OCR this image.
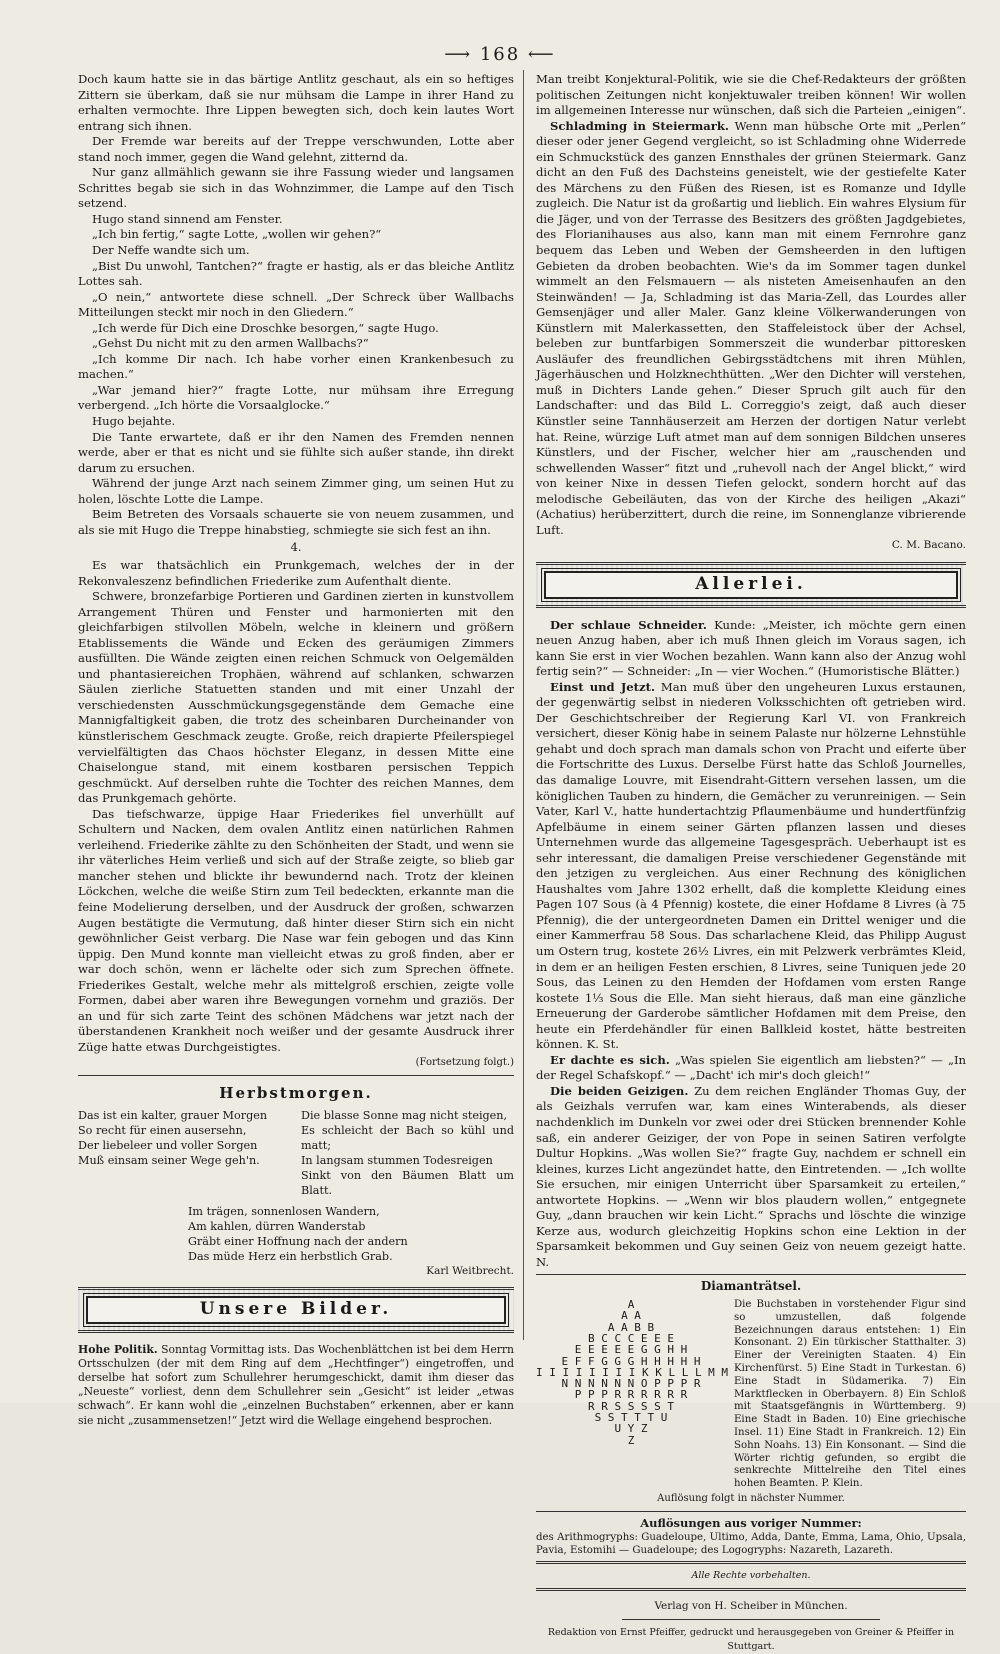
⟶ 168 ⟵

Doch kaum hatte sie in das bärtige Antlitz geschaut, als ein so heftiges Zittern sie überkam, daß sie nur mühsam die Lampe in ihrer Hand zu erhalten vermochte. Ihre Lippen bewegten sich, doch kein lautes Wort entrang sich ihnen.

Der Fremde war bereits auf der Treppe verschwunden, Lotte aber stand noch immer, gegen die Wand gelehnt, zitternd da.

Nur ganz allmählich gewann sie ihre Fassung wieder und langsamen Schrittes begab sie sich in das Wohnzimmer, die Lampe auf den Tisch setzend.

Hugo stand sinnend am Fenster.

„Ich bin fertig,“ sagte Lotte, „wollen wir gehen?“

Der Neffe wandte sich um.

„Bist Du unwohl, Tantchen?“ fragte er hastig, als er das bleiche Antlitz Lottes sah.

„O nein,“ antwortete diese schnell. „Der Schreck über Wallbachs Mitteilungen steckt mir noch in den Gliedern.“

„Ich werde für Dich eine Droschke besorgen,“ sagte Hugo.

„Gehst Du nicht mit zu den armen Wallbachs?“

„Ich komme Dir nach. Ich habe vorher einen Krankenbesuch zu machen.“

„War jemand hier?“ fragte Lotte, nur mühsam ihre Erregung verbergend. „Ich hörte die Vorsaalglocke.“

Hugo bejahte.

Die Tante erwartete, daß er ihr den Namen des Fremden nennen werde, aber er that es nicht und sie fühlte sich außer stande, ihn direkt darum zu ersuchen.

Während der junge Arzt nach seinem Zimmer ging, um seinen Hut zu holen, löschte Lotte die Lampe.

Beim Betreten des Vorsaals schauerte sie von neuem zusammen, und als sie mit Hugo die Treppe hinabstieg, schmiegte sie sich fest an ihn.

4.

Es war thatsächlich ein Prunkgemach, welches der in der Rekonvaleszenz befindlichen Friederike zum Aufenthalt diente.

Schwere, bronzefarbige Portieren und Gardinen zierten in kunstvollem Arrangement Thüren und Fenster und harmonierten mit den gleichfarbigen stilvollen Möbeln, welche in kleinern und größern Etablissements die Wände und Ecken des geräumigen Zimmers ausfüllten. Die Wände zeigten einen reichen Schmuck von Oelgemälden und phantasiereichen Trophäen, während auf schlanken, schwarzen Säulen zierliche Statuetten standen und mit einer Unzahl der verschiedensten Ausschmückungsgegenstände dem Gemache eine Mannigfaltigkeit gaben, die trotz des scheinbaren Durcheinander von künstlerischem Geschmack zeugte. Große, reich drapierte Pfeilerspiegel vervielfältigten das Chaos höchster Eleganz, in dessen Mitte eine Chaiselongue stand, mit einem kostbaren persischen Teppich geschmückt. Auf derselben ruhte die Tochter des reichen Mannes, dem das Prunkgemach gehörte.

Das tiefschwarze, üppige Haar Friederikes fiel unverhüllt auf Schultern und Nacken, dem ovalen Antlitz einen natürlichen Rahmen verleihend. Friederike zählte zu den Schönheiten der Stadt, und wenn sie ihr väterliches Heim verließ und sich auf der Straße zeigte, so blieb gar mancher stehen und blickte ihr bewundernd nach. Trotz der kleinen Löckchen, welche die weiße Stirn zum Teil bedeckten, erkannte man die feine Modelierung derselben, und der Ausdruck der großen, schwarzen Augen bestätigte die Vermutung, daß hinter dieser Stirn sich ein nicht gewöhnlicher Geist verbarg. Die Nase war fein gebogen und das Kinn üppig. Den Mund konnte man vielleicht etwas zu groß finden, aber er war doch schön, wenn er lächelte oder sich zum Sprechen öffnete. Friederikes Gestalt, welche mehr als mittelgroß erschien, zeigte volle Formen, dabei aber waren ihre Bewegungen vornehm und graziös. Der an und für sich zarte Teint des schönen Mädchens war jetzt nach der überstandenen Krankheit noch weißer und der gesamte Ausdruck ihrer Züge hatte etwas Durchgeistigtes.

(Fortsetzung folgt.)

Herbstmorgen.
Das ist ein kalter, grauer Morgen
So recht für einen ausersehn,
Der liebeleer und voller Sorgen
Muß einsam seiner Wege geh'n.
Die blasse Sonne mag nicht steigen,
Es schleicht der Bach so kühl und matt;
In langsam stummen Todesreigen
Sinkt von den Bäumen Blatt um Blatt.
Im trägen, sonnenlosen Wandern,
Am kahlen, dürren Wanderstab
Gräbt einer Hoffnung nach der andern
Das müde Herz ein herbstlich Grab.
Karl Weitbrecht.
Unsere Bilder.

Hohe Politik. Sonntag Vormittag ists. Das Wochenblättchen ist bei dem Herrn Ortsschulzen (der mit dem Ring auf dem „Hechtfinger“) eingetroffen, und derselbe hat sofort zum Schullehrer herumgeschickt, damit ihm dieser das „Neueste“ vorliest, denn dem Schullehrer sein „Gesicht“ ist leider „etwas schwach“. Er kann wohl die „einzelnen Buchstaben“ erkennen, aber er kann sie nicht „zusammensetzen!“ Jetzt wird die Wellage eingehend besprochen.

Man treibt Konjektural-Politik, wie sie die Chef-Redakteurs der größten politischen Zeitungen nicht konjektuwaler treiben können! Wir wollen im allgemeinen Interesse nur wünschen, daß sich die Parteien „einigen“.

Schladming in Steiermark. Wenn man hübsche Orte mit „Perlen“ dieser oder jener Gegend vergleicht, so ist Schladming ohne Widerrede ein Schmuckstück des ganzen Ennsthales der grünen Steiermark. Ganz dicht an den Fuß des Dachsteins geneistelt, wie der gestiefelte Kater des Märchens zu den Füßen des Riesen, ist es Romanze und Idylle zugleich. Die Natur ist da großartig und lieblich. Ein wahres Elysium für die Jäger, und von der Terrasse des Besitzers des größten Jagdgebietes, des Florianihauses aus also, kann man mit einem Fernrohre ganz bequem das Leben und Weben der Gemsheerden in den luftigen Gebieten da droben beobachten. Wie's da im Sommer tagen dunkel wimmelt an den Felsmauern — als nisteten Ameisenhaufen an den Steinwänden! — Ja, Schladming ist das Maria-Zell, das Lourdes aller Gemsenjäger und aller Maler. Ganz kleine Völkerwanderungen von Künstlern mit Malerkassetten, den Staffeleistock über der Achsel, beleben zur buntfarbigen Sommerszeit die wunderbar pittoresken Ausläufer des freundlichen Gebirgsstädtchens mit ihren Mühlen, Jägerhäuschen und Holzknechthütten. „Wer den Dichter will verstehen, muß in Dichters Lande gehen.“ Dieser Spruch gilt auch für den Landschafter: und das Bild L. Correggio's zeigt, daß auch dieser Künstler seine Tannhäuserzeit am Herzen der dortigen Natur verlebt hat. Reine, würzige Luft atmet man auf dem sonnigen Bildchen unseres Künstlers, und der Fischer, welcher hier am „rauschenden und schwellenden Wasser“ fitzt und „ruhevoll nach der Angel blickt,“ wird von keiner Nixe in dessen Tiefen gelockt, sondern horcht auf das melodische Gebeiläuten, das von der Kirche des heiligen „Akazi“ (Achatius) herüberzittert, durch die reine, im Sonnenglanze vibrierende Luft.

C. M. Bacano.
Allerlei.

Der schlaue Schneider. Kunde: „Meister, ich möchte gern einen neuen Anzug haben, aber ich muß Ihnen gleich im Voraus sagen, ich kann Sie erst in vier Wochen bezahlen. Wann kann also der Anzug wohl fertig sein?“ — Schneider: „In — vier Wochen.“ (Humoristische Blätter.)

Einst und Jetzt. Man muß über den ungeheuren Luxus erstaunen, der gegenwärtig selbst in niederen Volksschichten oft getrieben wird. Der Geschichtschreiber der Regierung Karl VI. von Frankreich versichert, dieser König habe in seinem Palaste nur hölzerne Lehnstühle gehabt und doch sprach man damals schon von Pracht und eiferte über die Fortschritte des Luxus. Derselbe Fürst hatte das Schloß Journelles, das damalige Louvre, mit Eisendraht-Gittern versehen lassen, um die königlichen Tauben zu hindern, die Gemächer zu verunreinigen. — Sein Vater, Karl V., hatte hundertachtzig Pflaumenbäume und hundertfünfzig Apfelbäume in einem seiner Gärten pflanzen lassen und dieses Unternehmen wurde das allgemeine Tagesgespräch. Ueberhaupt ist es sehr interessant, die damaligen Preise verschiedener Gegenstände mit den jetzigen zu vergleichen. Aus einer Rechnung des königlichen Haushaltes vom Jahre 1302 erhellt, daß die komplette Kleidung eines Pagen 107 Sous (à 4 Pfennig) kostete, die einer Hofdame 8 Livres (à 75 Pfennig), die der untergeordneten Damen ein Drittel weniger und die einer Kammerfrau 58 Sous. Das scharlachene Kleid, das Philipp August um Ostern trug, kostete 26½ Livres, ein mit Pelzwerk verbrämtes Kleid, in dem er an heiligen Festen erschien, 8 Livres, seine Tuniquen jede 20 Sous, das Leinen zu den Hemden der Hofdamen vom ersten Range kostete 1⅓ Sous die Elle. Man sieht hieraus, daß man eine gänzliche Erneuerung der Garderobe sämtlicher Hofdamen mit dem Preise, den heute ein Pferdehändler für einen Ballkleid kostet, hätte bestreiten können. K. St.

Er dachte es sich. „Was spielen Sie eigentlich am liebsten?“ — „In der Regel Schafskopf.“ — „Dacht' ich mir's doch gleich!“

Die beiden Geizigen. Zu dem reichen Engländer Thomas Guy, der als Geizhals verrufen war, kam eines Winterabends, als dieser nachdenklich im Dunkeln vor zwei oder drei Stücken brennender Kohle saß, ein anderer Geiziger, der von Pope in seinen Satiren verfolgte Dultur Hopkins. „Was wollen Sie?“ fragte Guy, nachdem er schnell ein kleines, kurzes Licht angezündet hatte, den Eintretenden. — „Ich wollte Sie ersuchen, mir einigen Unterricht über Sparsamkeit zu erteilen,“ antwortete Hopkins. — „Wenn wir blos plaudern wollen,“ entgegnete Guy, „dann brauchen wir kein Licht.“ Sprachs und löschte die winzige Kerze aus, wodurch gleichzeitig Hopkins schon eine Lektion in der Sparsamkeit bekommen und Guy seinen Geiz von neuem gezeigt hatte. N.

Diamanträtsel.
A
A A
A A B B
B C C C E E E
E E E E E G G H H
E F F G G G H H H H H
I I I I I I I I K K L L L M M
N N N N N N O P P P R
P P P R R R R R R
R R S S S S T
S S T T T U
U Y Z
Z
Die Buchstaben in vorstehender Figur sind so umzustellen, daß folgende Bezeichnungen daraus entstehen: 1) Ein Konsonant. 2) Ein türkischer Statthalter. 3) Einer der Vereinigten Staaten. 4) Ein Kirchenfürst. 5) Eine Stadt in Turkestan. 6) Eine Stadt in Südamerika. 7) Ein Marktflecken in Oberbayern. 8) Ein Schloß mit Staatsgefängnis in Württemberg. 9) Eine Stadt in Baden. 10) Eine griechische Insel. 11) Eine Stadt in Frankreich. 12) Ein Sohn Noahs. 13) Ein Konsonant. — Sind die Wörter richtig gefunden, so ergibt die senkrechte Mittelreihe den Titel eines hohen Beamten. P. Klein.
Auflösung folgt in nächster Nummer.
Auflösungen aus voriger Nummer:
des Arithmogryphs: Guadeloupe, Ultimo, Adda, Dante, Emma, Lama, Ohio, Upsala, Pavia, Estomihi — Guadeloupe; des Logogryphs: Nazareth, Lazareth.
Alle Rechte vorbehalten.
Verlag von H. Scheiber in München.
Redaktion von Ernst Pfeiffer, gedruckt und herausgegeben von Greiner & Pfeiffer in Stuttgart.
